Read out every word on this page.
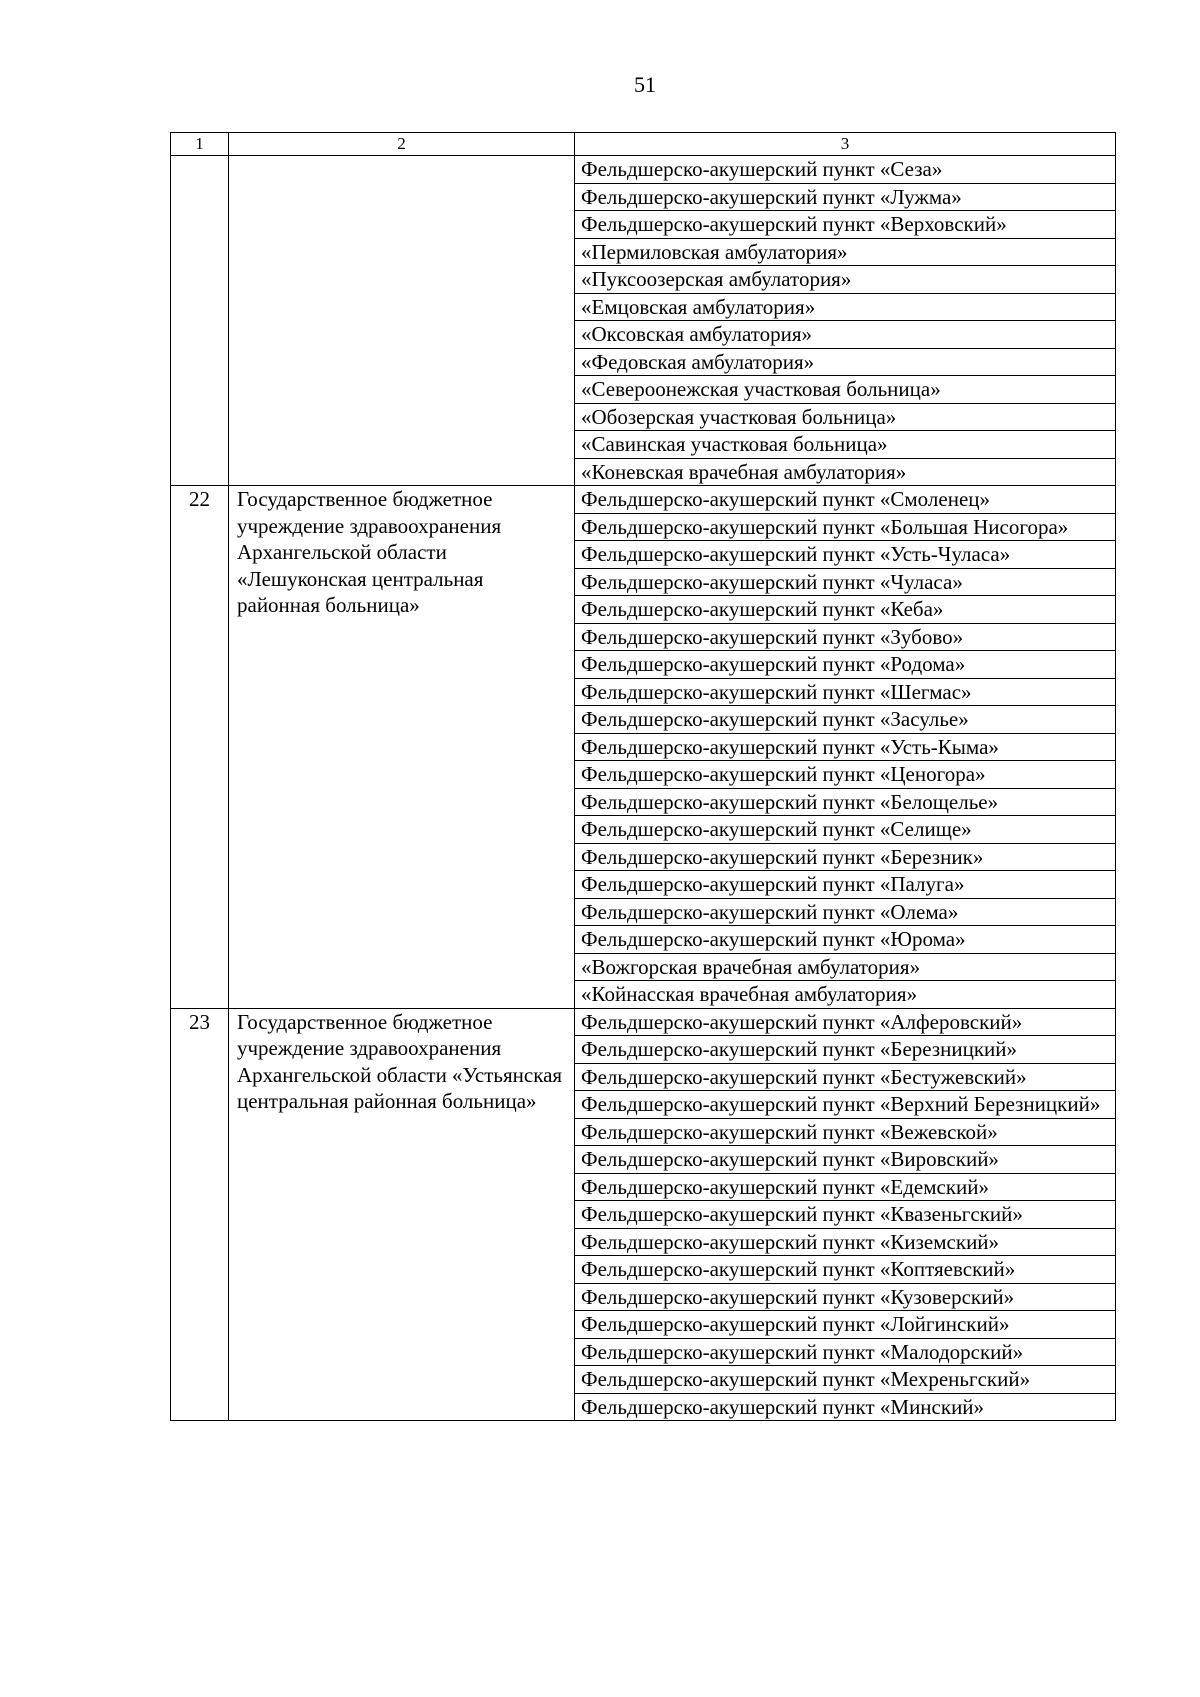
51
1	2	3
		Фельдшерско-акушерский пункт «Сеза»
		Фельдшерско-акушерский пункт «Лужма»
		Фельдшерско-акушерский пункт «Верховский»
		«Пермиловская амбулатория»
		«Пуксоозерская амбулатория»
		«Емцовская амбулатория»
		«Оксовская амбулатория»
		«Федовская амбулатория»
		«Североонежская участковая больница»
		«Обозерская участковая больница»
		«Савинская участковая больница»
		«Коневская врачебная амбулатория»
22	Государственное бюджетное учреждение здравоохранения Архангельской области «Лешуконская центральная районная больница»	Фельдшерско-акушерский пункт «Смоленец»
		Фельдшерско-акушерский пункт «Большая Нисогора»
		Фельдшерско-акушерский пункт «Усть-Чуласа»
		Фельдшерско-акушерский пункт «Чуласа»
		Фельдшерско-акушерский пункт «Кеба»
		Фельдшерско-акушерский пункт «Зубово»
		Фельдшерско-акушерский пункт «Родома»
		Фельдшерско-акушерский пункт «Шегмас»
		Фельдшерско-акушерский пункт «Засулье»
		Фельдшерско-акушерский пункт «Усть-Кыма»
		Фельдшерско-акушерский пункт «Ценогора»
		Фельдшерско-акушерский пункт «Белощелье»
		Фельдшерско-акушерский пункт «Селище»
		Фельдшерско-акушерский пункт «Березник»
		Фельдшерско-акушерский пункт «Палуга»
		Фельдшерско-акушерский пункт «Олема»
		Фельдшерско-акушерский пункт «Юрома»
		«Вожгорская врачебная амбулатория»
		«Койнасская врачебная амбулатория»
23	Государственное бюджетное учреждение здравоохранения Архангельской области «Устьянская центральная районная больница»	Фельдшерско-акушерский пункт «Алферовский»
		Фельдшерско-акушерский пункт «Березницкий»
		Фельдшерско-акушерский пункт «Бестужевский»
		Фельдшерско-акушерский пункт «Верхний Березницкий»
		Фельдшерско-акушерский пункт «Вежевской»
		Фельдшерско-акушерский пункт «Вировский»
		Фельдшерско-акушерский пункт «Едемский»
		Фельдшерско-акушерский пункт «Квазеньгский»
		Фельдшерско-акушерский пункт «Киземский»
		Фельдшерско-акушерский пункт «Коптяевский»
		Фельдшерско-акушерский пункт «Кузоверский»
		Фельдшерско-акушерский пункт «Лойгинский»
		Фельдшерско-акушерский пункт «Малодорский»
		Фельдшерско-акушерский пункт «Мехреньгский»
		Фельдшерско-акушерский пункт «Минский»
